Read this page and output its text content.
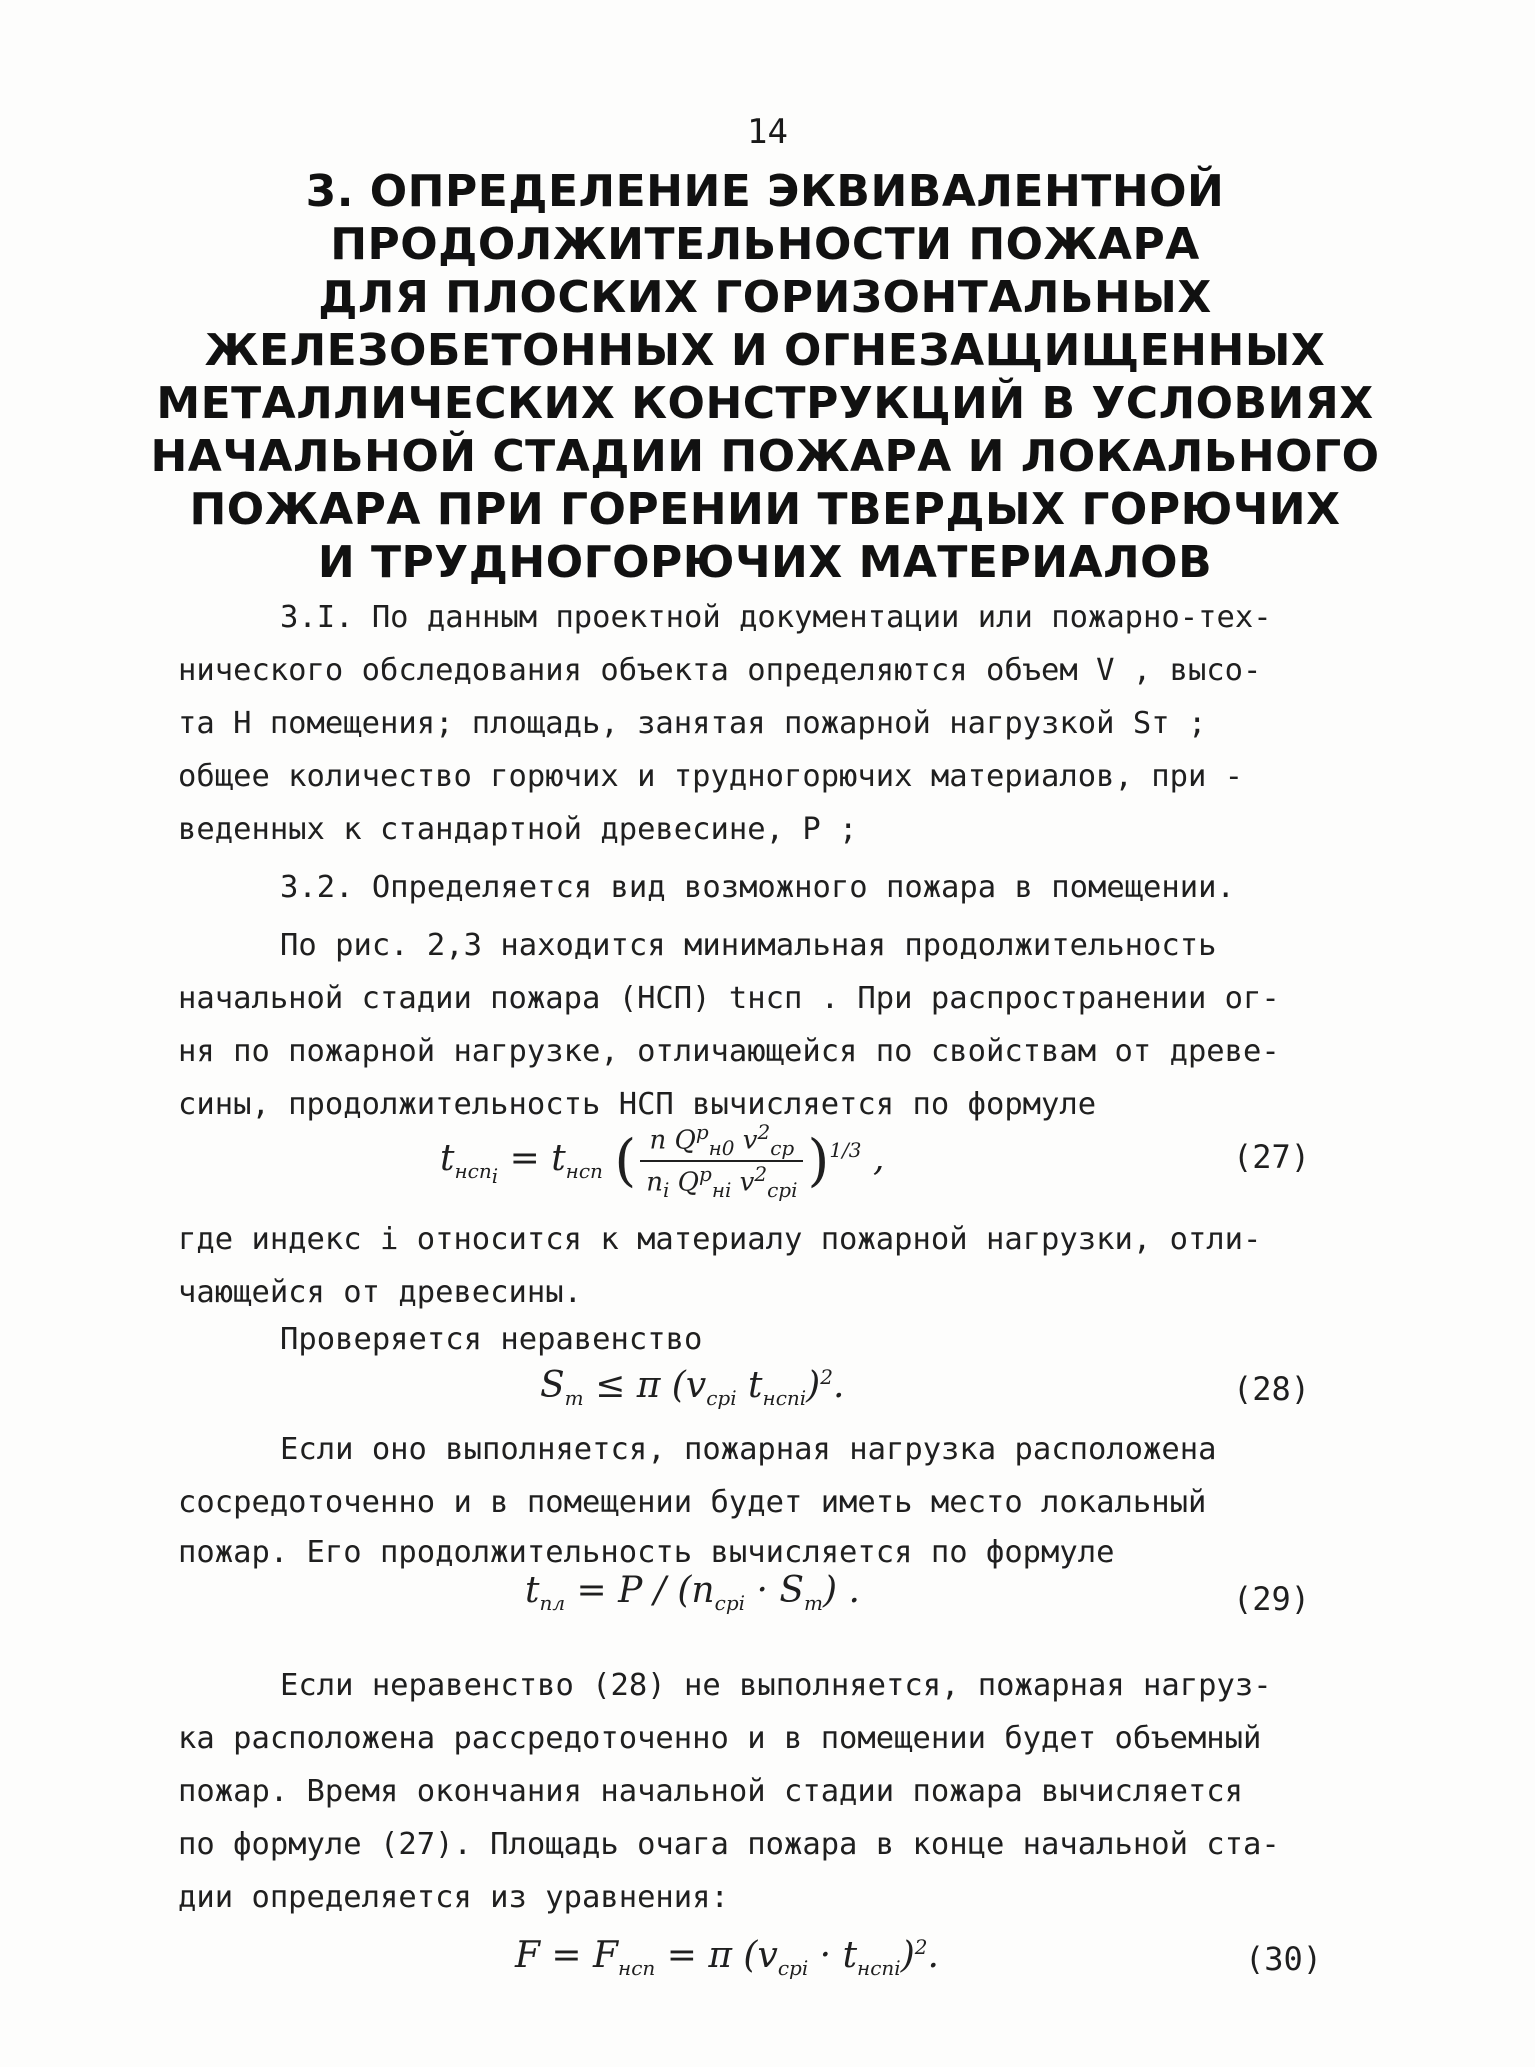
14
3. ОПРЕДЕЛЕНИЕ ЭКВИВАЛЕНТНОЙ
ПРОДОЛЖИТЕЛЬНОСТИ ПОЖАРА
ДЛЯ ПЛОСКИХ ГОРИЗОНТАЛЬНЫХ
ЖЕЛЕЗОБЕТОННЫХ И ОГНЕЗАЩИЩЕННЫХ
МЕТАЛЛИЧЕСКИХ КОНСТРУКЦИЙ В УСЛОВИЯХ
НАЧАЛЬНОЙ СТАДИИ ПОЖАРА И ЛОКАЛЬНОГО
ПОЖАРА ПРИ ГОРЕНИИ ТВЕРДЫХ ГОРЮЧИХ
И ТРУДНОГОРЮЧИХ МАТЕРИАЛОВ
3.I. По данным проектной документации или пожарно-тех-
нического обследования объекта определяются объем V , высо-
та H помещения; площадь, занятая пожарной нагрузкой Sт ;
общее количество горючих и трудногорючих материалов, при -
веденных к стандартной древесине, P ;
3.2. Определяется вид возможного пожара в помещении.
По рис. 2,3 находится минимальная продолжительность
начальной стадии пожара (НСП) tнсп . При распространении ог-
ня по пожарной нагрузке, отличающейся по свойствам от древе-
сины, продолжительность НСП вычисляется по формуле
$t_{нсп_i} = t_{нсп}$ ( $\frac{n Q^p_{н0} v^2_{ср}}{n_i Q^p_{нi} v^2_{срi}} )^{1/3}$ ,	(27)
где индекс i относится к материалу пожарной нагрузки, отли-
чающейся от древесины.
Проверяется неравенство
$S_т \le \pi$ ($v_{срi}$ $t_{нспi})^2$.	(28)
Если оно выполняется, пожарная нагрузка расположена
сосредоточенно и в помещении будет иметь место локальный
пожар. Его продолжительность вычисляется по формуле
$t_{пл} = P / (n_{срi} \cdot S_т)$ .	(29)
Если неравенство (28) не выполняется, пожарная нагруз-
ка расположена рассредоточенно и в помещении будет объемный
пожар. Время окончания начальной стадии пожара вычисляется
по формуле (27). Площадь очага пожара в конце начальной ста-
дии определяется из уравнения:
$F = F_{нсп} = \pi$ $(v_{срi} \cdot t_{нспi})^2$.	(30)
